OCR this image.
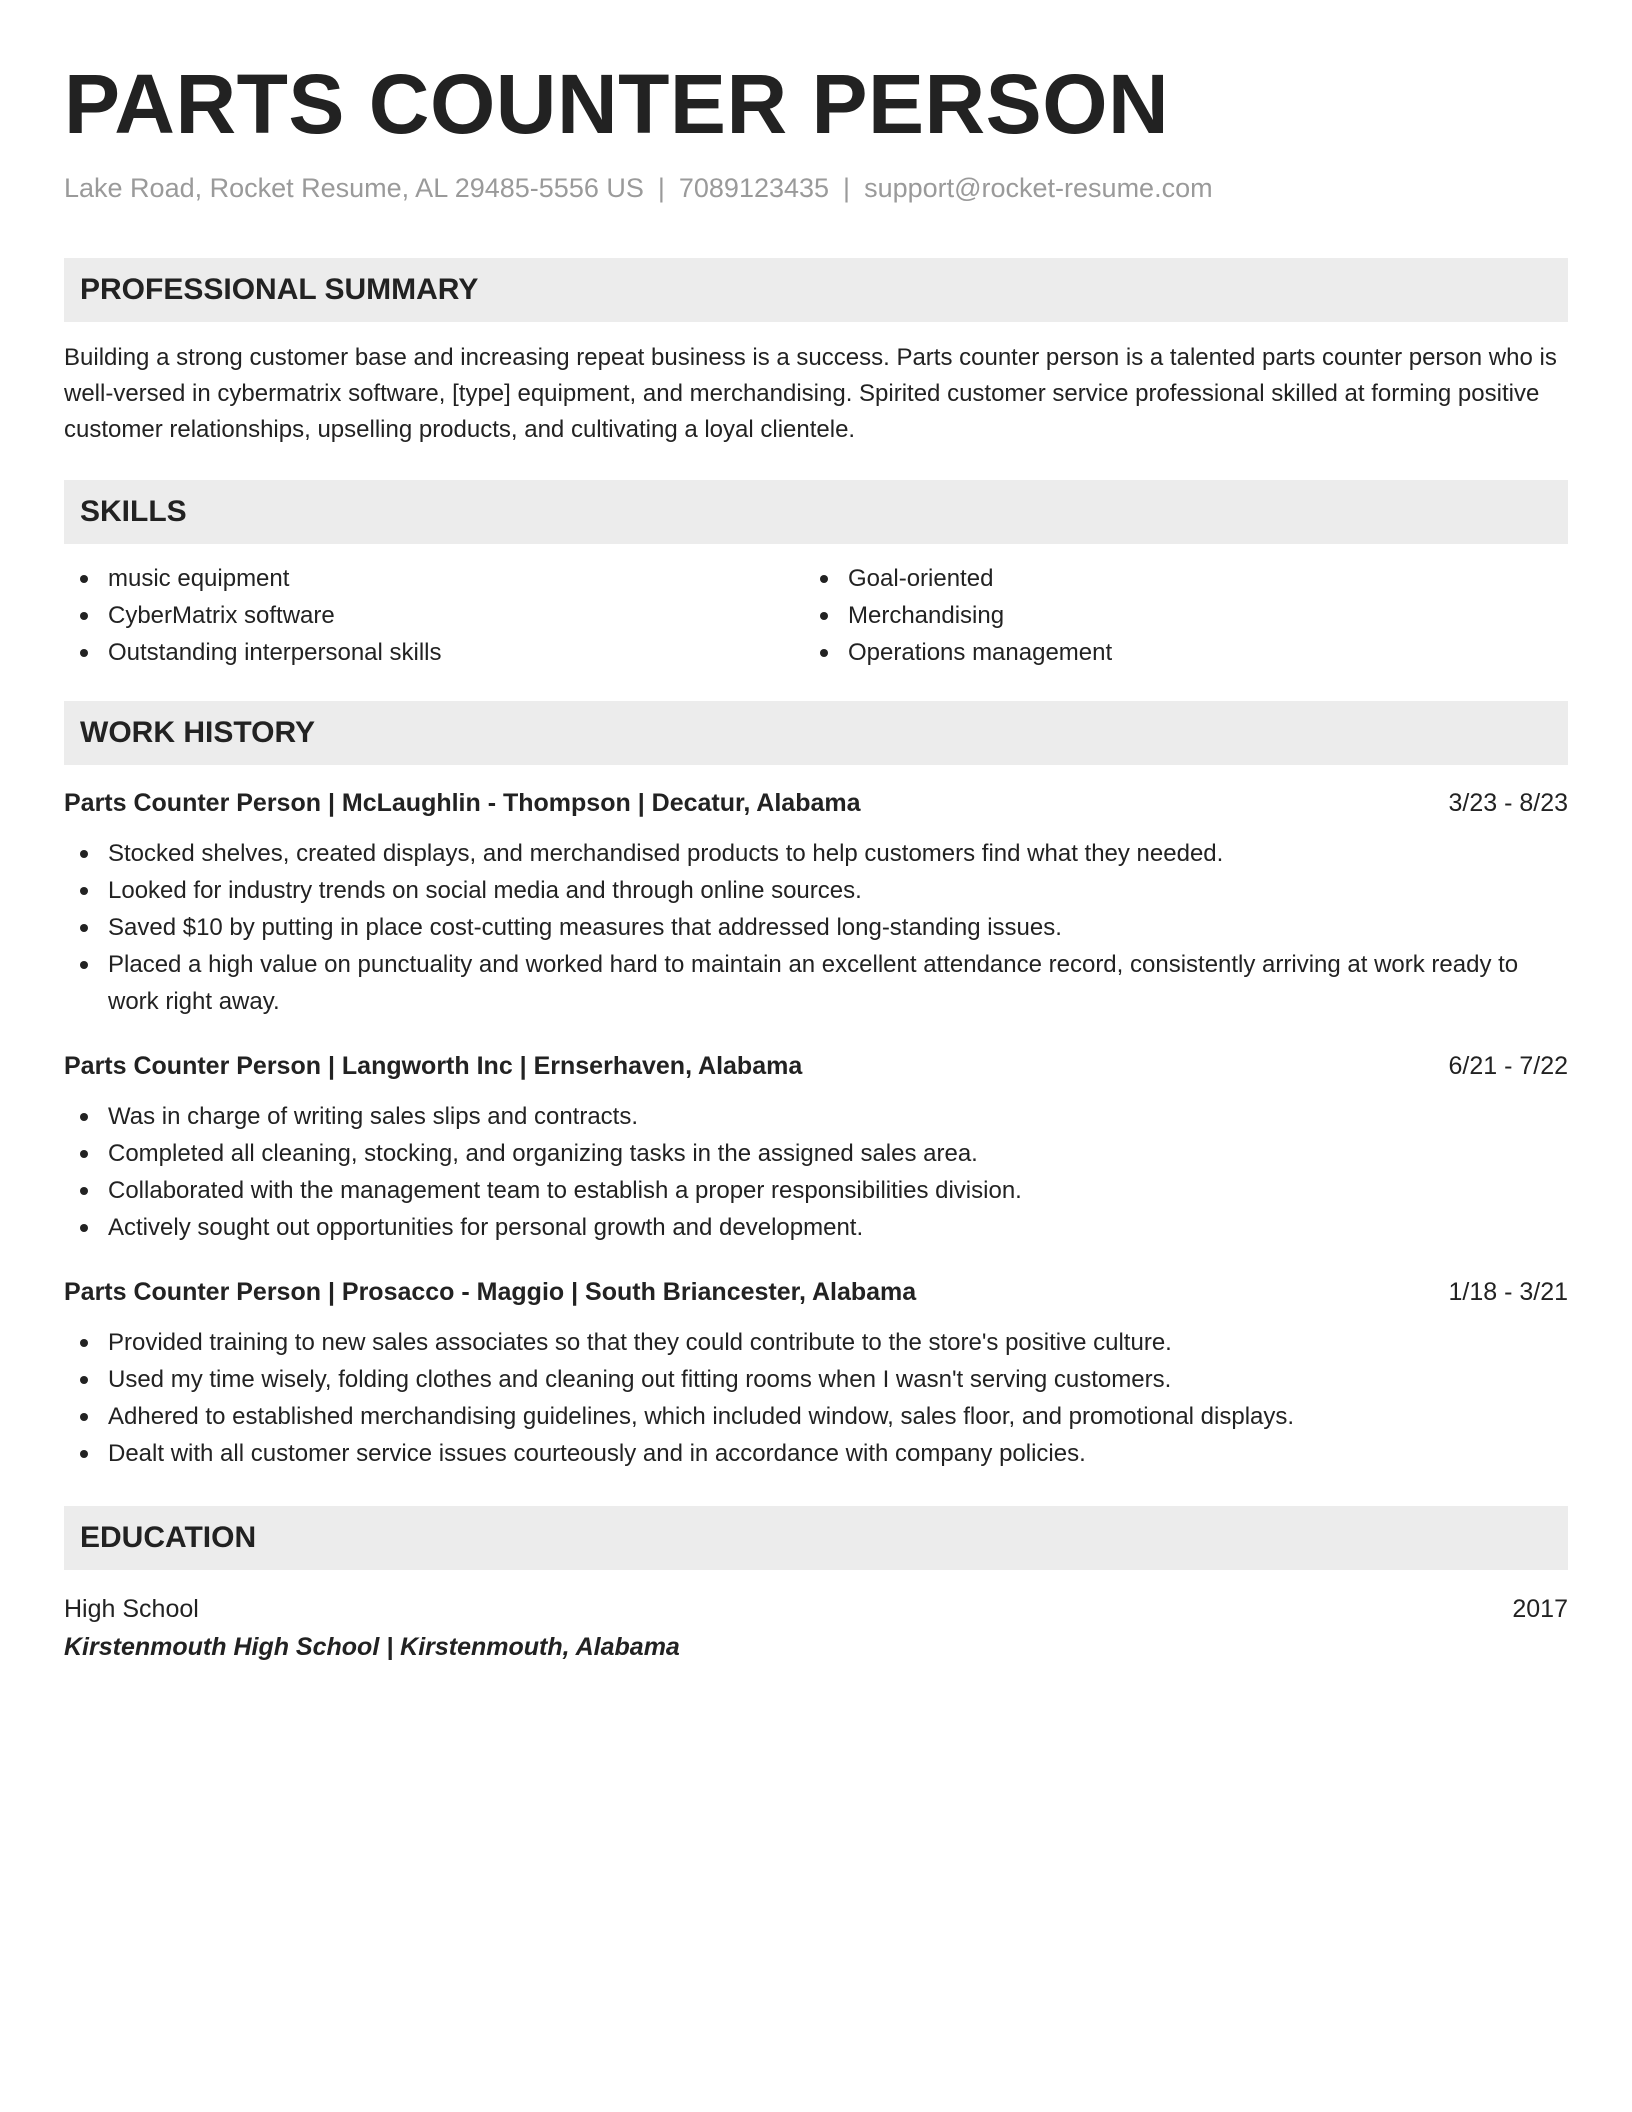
PARTS COUNTER PERSON
Lake Road, Rocket Resume, AL 29485-5556 US | 7089123435 | support@rocket-resume.com
PROFESSIONAL SUMMARY

Building a strong customer base and increasing repeat business is a success. Parts counter person is a talented parts counter person who is well-versed in cybermatrix software, [type] equipment, and merchandising. Spirited customer service professional skilled at forming positive customer relationships, upselling products, and cultivating a loyal clientele.

SKILLS
music equipment
CyberMatrix software
Outstanding interpersonal skills
Goal-oriented
Merchandising
Operations management
WORK HISTORY
Parts Counter Person | McLaughlin - Thompson | Decatur, Alabama	3/23 - 8/23
Stocked shelves, created displays, and merchandised products to help customers find what they needed.
Looked for industry trends on social media and through online sources.
Saved $10 by putting in place cost-cutting measures that addressed long-standing issues.
Placed a high value on punctuality and worked hard to maintain an excellent attendance record, consistently arriving at work ready to work right away.
Parts Counter Person | Langworth Inc | Ernserhaven, Alabama	6/21 - 7/22
Was in charge of writing sales slips and contracts.
Completed all cleaning, stocking, and organizing tasks in the assigned sales area.
Collaborated with the management team to establish a proper responsibilities division.
Actively sought out opportunities for personal growth and development.
Parts Counter Person | Prosacco - Maggio | South Briancester, Alabama	1/18 - 3/21
Provided training to new sales associates so that they could contribute to the store's positive culture.
Used my time wisely, folding clothes and cleaning out fitting rooms when I wasn't serving customers.
Adhered to established merchandising guidelines, which included window, sales floor, and promotional displays.
Dealt with all customer service issues courteously and in accordance with company policies.
EDUCATION
High School	2017
Kirstenmouth High School | Kirstenmouth, Alabama
